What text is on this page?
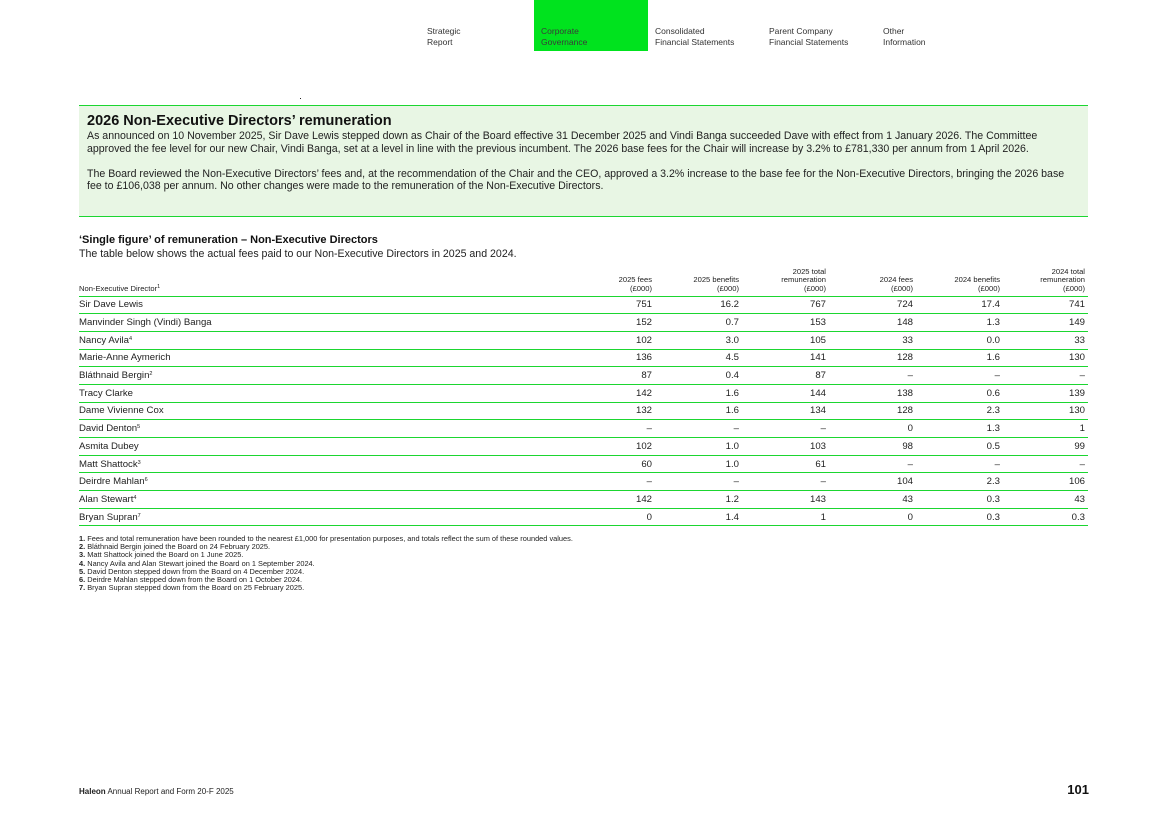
Strategic
Report
Corporate
Governance
Consolidated
Financial Statements
Parent Company
Financial Statements
Other
Information
2026 Non-Executive Directors’ remuneration

As announced on 10 November 2025, Sir Dave Lewis stepped down as Chair of the Board effective 31 December 2025 and Vindi Banga succeeded Dave with effect from 1 January 2026. The Committee approved the fee level for our new Chair, Vindi Banga, set at a level in line with the previous incumbent. The 2026 base fees for the Chair will increase by 3.2% to £781,330 per annum from 1 April 2026.

The Board reviewed the Non-Executive Directors’ fees and, at the recommendation of the Chair and the CEO, approved a 3.2% increase to the base fee for the Non-Executive Directors, bringing the 2026 base fee to £106,038 per annum. No other changes were made to the remuneration of the Non-Executive Directors.

‘Single figure’ of remuneration – Non-Executive Directors
The table below shows the actual fees paid to our Non-Executive Directors in 2025 and 2024.
Non-Executive Director$^1$	2025 fees
(£000)	2025 benefits
(£000)	2025 total
remuneration
(£000)	2024 fees
(£000)	2024 benefits
(£000)	2024 total
remuneration
(£000)
Sir Dave Lewis	751	16.2	767	724	17.4	741
Manvinder Singh (Vindi) Banga	152	0.7	153	148	1.3	149
Nancy Avila$^4$	102	3.0	105	33	0.0	33
Marie-Anne Aymerich	136	4.5	141	128	1.6	130
Bláthnaid Bergin$^2$	87	0.4	87	–	–	–
Tracy Clarke	142	1.6	144	138	0.6	139
Dame Vivienne Cox	132	1.6	134	128	2.3	130
David Denton$^5$	–	–	–	0	1.3	1
Asmita Dubey	102	1.0	103	98	0.5	99
Matt Shattock$^3$	60	1.0	61	–	–	–
Deirdre Mahlan$^6$	–	–	–	104	2.3	106
Alan Stewart$^4$	142	1.2	143	43	0.3	43
Bryan Supran$^7$	0	1.4	1	0	0.3	0.3
1. Fees and total remuneration have been rounded to the nearest £1,000 for presentation purposes, and totals reflect the sum of these rounded values.
2. Bláthnaid Bergin joined the Board on 24 February 2025.
3. Matt Shattock joined the Board on 1 June 2025.
4. Nancy Avila and Alan Stewart joined the Board on 1 September 2024.
5. David Denton stepped down from the Board on 4 December 2024.
6. Deirdre Mahlan stepped down from the Board on 1 October 2024.
7. Bryan Supran stepped down from the Board on 25 February 2025.
Haleon Annual Report and Form 20-F 2025	101
